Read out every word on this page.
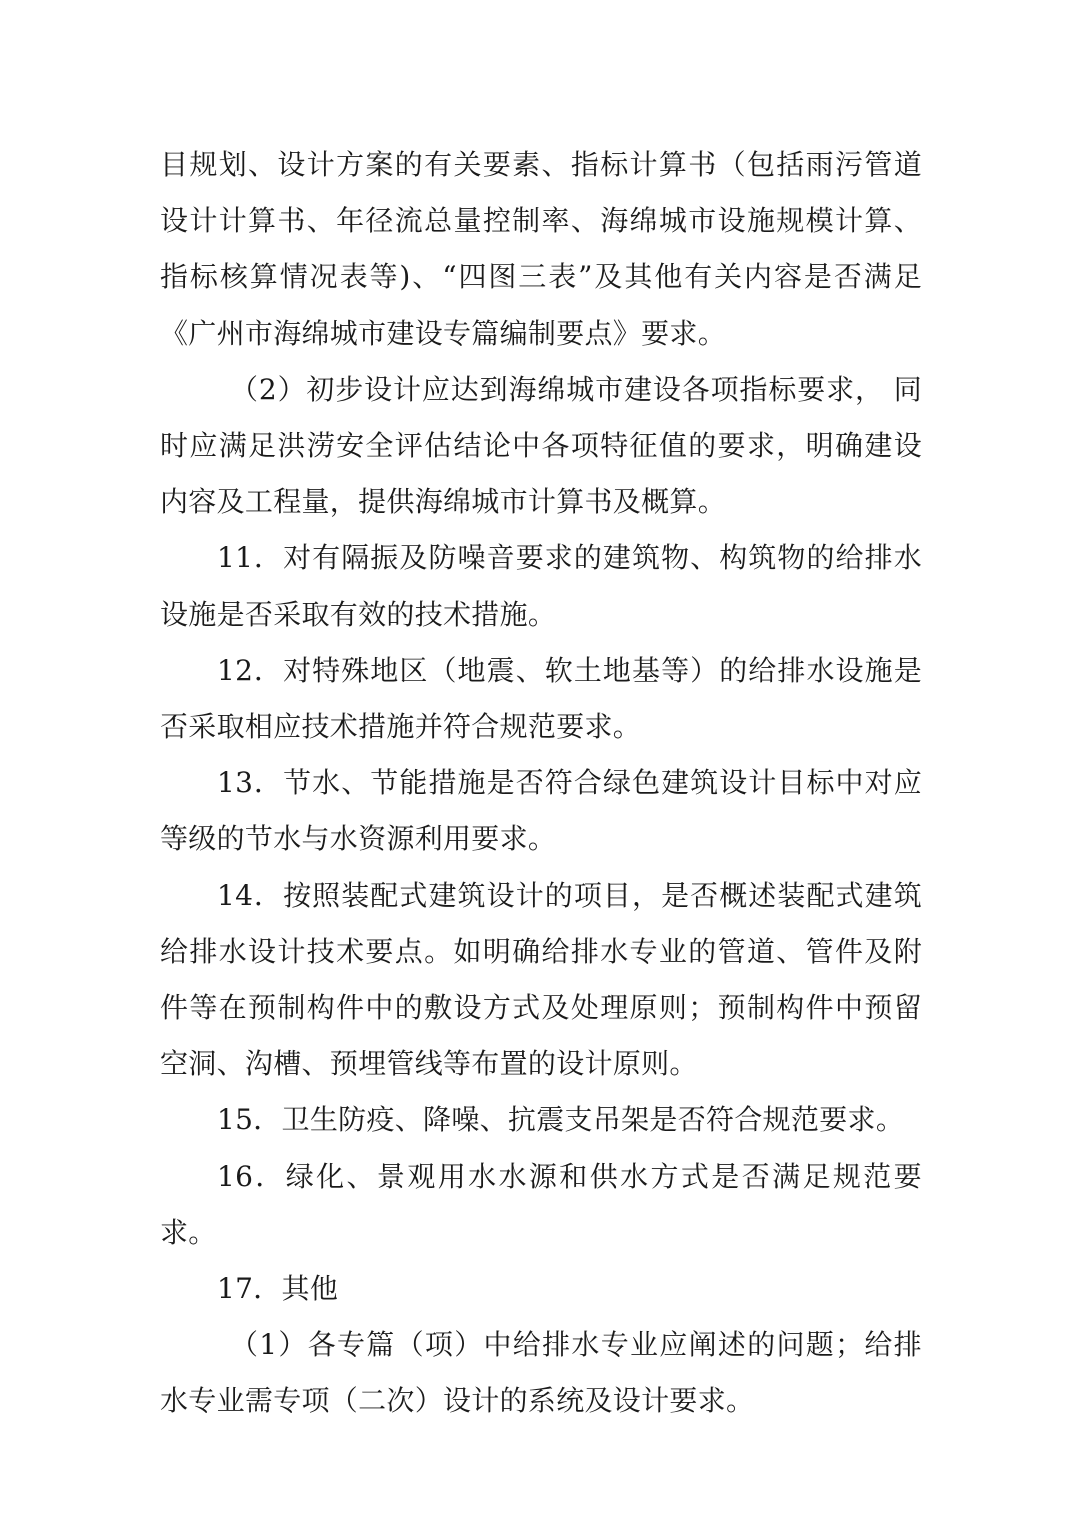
目规划、设计方案的有关要素、指标计算书（包括雨污管道设计计算书、年径流总量控制率、海绵城市设施规模计算、指标核算情况表等)、“四图三表”及其他有关内容是否满足《广州市海绵城市建设专篇编制要点》要求。

（2）初步设计应达到海绵城市建设各项指标要求， 同时应满足洪涝安全评估结论中各项特征值的要求，明确建设内容及工程量，提供海绵城市计算书及概算。

11．对有隔振及防噪音要求的建筑物、构筑物的给排水设施是否采取有效的技术措施。

12．对特殊地区（地震、软土地基等）的给排水设施是否采取相应技术措施并符合规范要求。

13．节水、节能措施是否符合绿色建筑设计目标中对应等级的节水与水资源利用要求。

14．按照装配式建筑设计的项目，是否概述装配式建筑给排水设计技术要点。如明确给排水专业的管道、管件及附件等在预制构件中的敷设方式及处理原则；预制构件中预留空洞、沟槽、预埋管线等布置的设计原则。

15．卫生防疫、降噪、抗震支吊架是否符合规范要求。

16．绿化、景观用水水源和供水方式是否满足规范要求。

17．其他

（1）各专篇（项）中给排水专业应阐述的问题；给排水专业需专项（二次）设计的系统及设计要求。
